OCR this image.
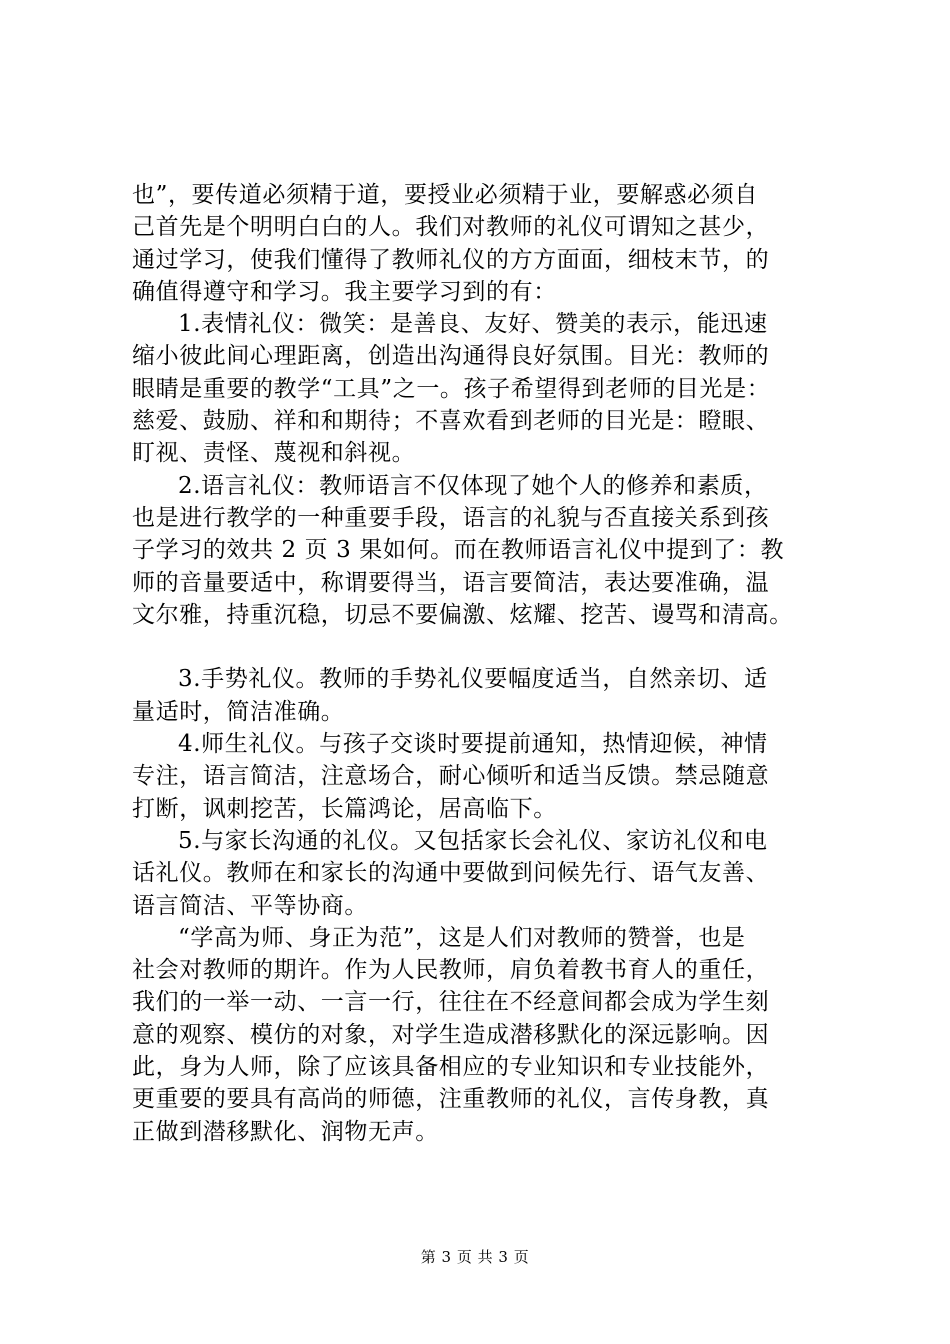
也”，要传道必须精于道，要授业必须精于业，要解惑必须自
己首先是个明明白白的人。我们对教师的礼仪可谓知之甚少，
通过学习，使我们懂得了教师礼仪的方方面面，细枝末节，的
确值得遵守和学习。我主要学习到的有：
1.表情礼仪：微笑：是善良、友好、赞美的表示，能迅速
缩小彼此间心理距离，创造出沟通得良好氛围。目光：教师的
眼睛是重要的教学“工具”之一。孩子希望得到老师的目光是：
慈爱、鼓励、祥和和期待；不喜欢看到老师的目光是：瞪眼、
盯视、责怪、蔑视和斜视。
2.语言礼仪：教师语言不仅体现了她个人的修养和素质，
也是进行教学的一种重要手段，语言的礼貌与否直接关系到孩
子学习的效共 2 页 3 果如何。而在教师语言礼仪中提到了：教
师的音量要适中，称谓要得当，语言要简洁，表达要准确，温
文尔雅，持重沉稳，切忌不要偏激、炫耀、挖苦、谩骂和清高。
3.手势礼仪。教师的手势礼仪要幅度适当，自然亲切、适
量适时，简洁准确。
4.师生礼仪。与孩子交谈时要提前通知，热情迎候，神情
专注，语言简洁，注意场合，耐心倾听和适当反馈。禁忌随意
打断，讽刺挖苦，长篇鸿论，居高临下。
5.与家长沟通的礼仪。又包括家长会礼仪、家访礼仪和电
话礼仪。教师在和家长的沟通中要做到问候先行、语气友善、
语言简洁、平等协商。
“学高为师、身正为范”，这是人们对教师的赞誉，也是
社会对教师的期许。作为人民教师，肩负着教书育人的重任，
我们的一举一动、一言一行，往往在不经意间都会成为学生刻
意的观察、模仿的对象，对学生造成潜移默化的深远影响。因
此，身为人师，除了应该具备相应的专业知识和专业技能外，
更重要的要具有高尚的师德，注重教师的礼仪，言传身教，真
正做到潜移默化、润物无声。
第 3 页 共 3 页
